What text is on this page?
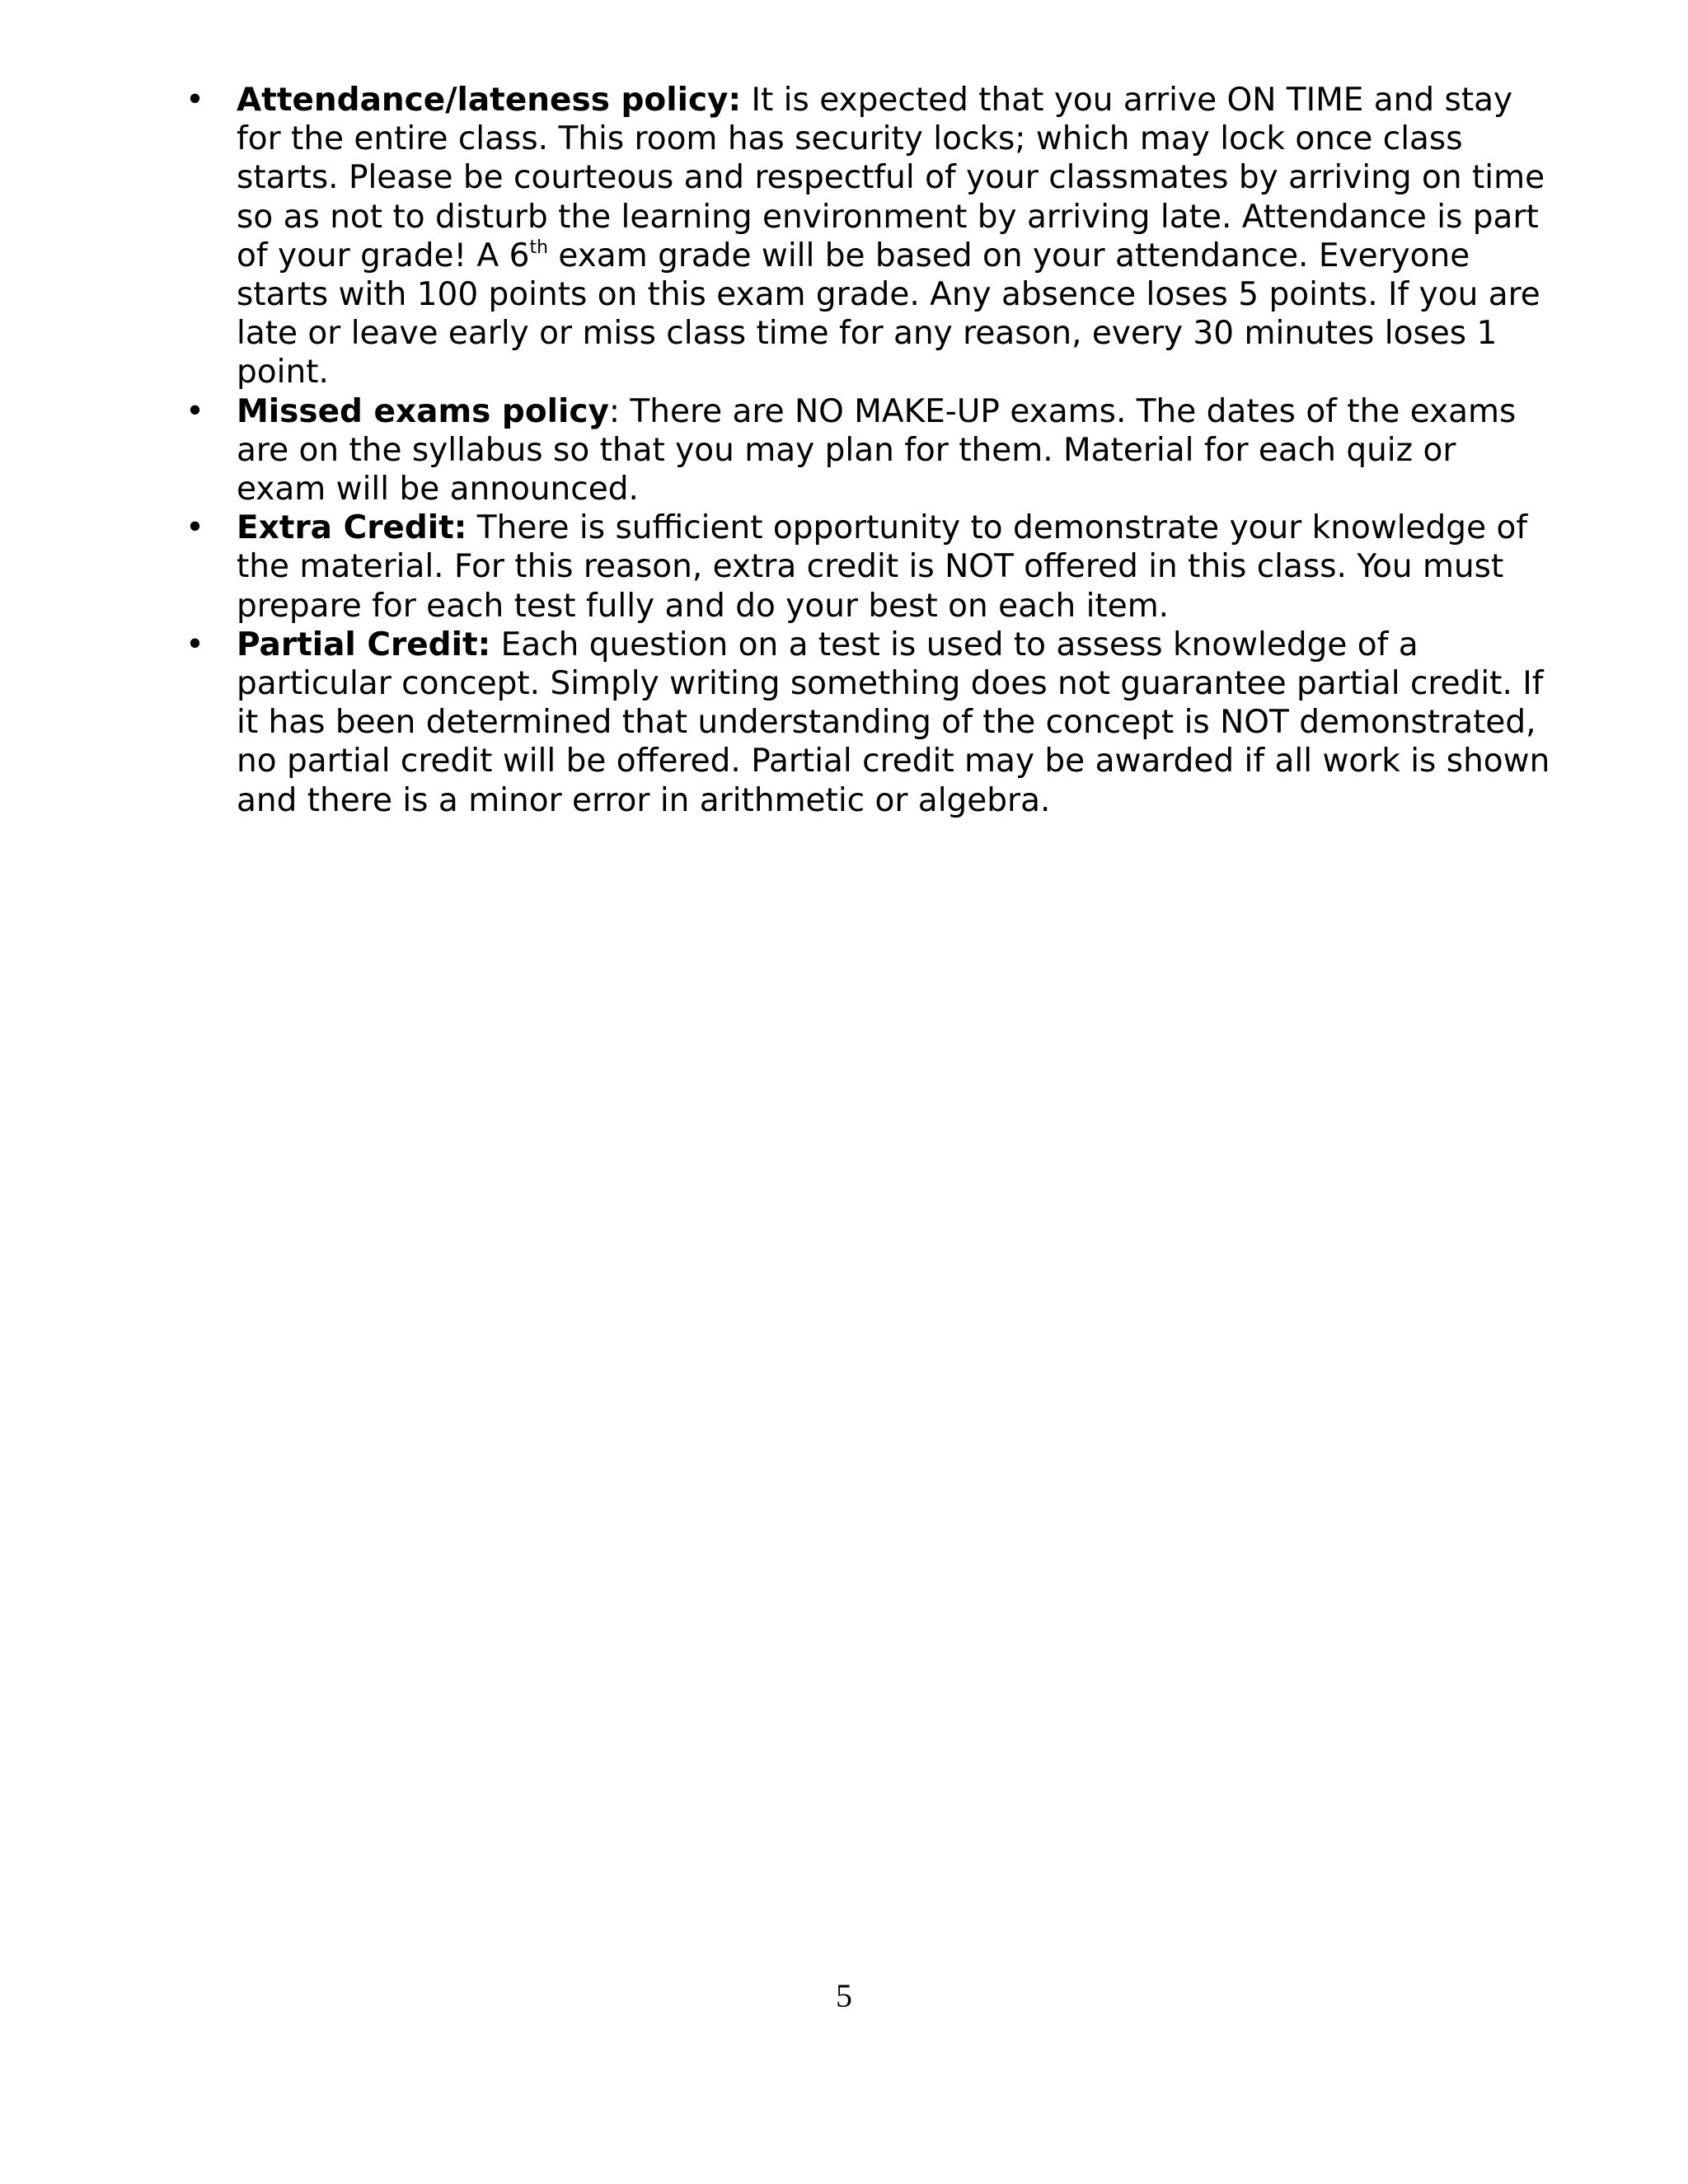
• Attendance/lateness policy: It is expected that you arrive ON TIME and stay for the entire class. This room has security locks; which may lock once class starts. Please be courteous and respectful of your classmates by arriving on time so as not to disturb the learning environment by arriving late. Attendance is part of your grade! A 6th exam grade will be based on your attendance. Everyone starts with 100 points on this exam grade. Any absence loses 5 points. If you are late or leave early or miss class time for any reason, every 30 minutes loses 1 point.
• Missed exams policy: There are NO MAKE-UP exams. The dates of the exams are on the syllabus so that you may plan for them. Material for each quiz or exam will be announced.
• Extra Credit: There is sufficient opportunity to demonstrate your knowledge of the material. For this reason, extra credit is NOT offered in this class. You must prepare for each test fully and do your best on each item.
• Partial Credit: Each question on a test is used to assess knowledge of a particular concept. Simply writing something does not guarantee partial credit. If it has been determined that understanding of the concept is NOT demonstrated, no partial credit will be offered. Partial credit may be awarded if all work is shown and there is a minor error in arithmetic or algebra.
5
